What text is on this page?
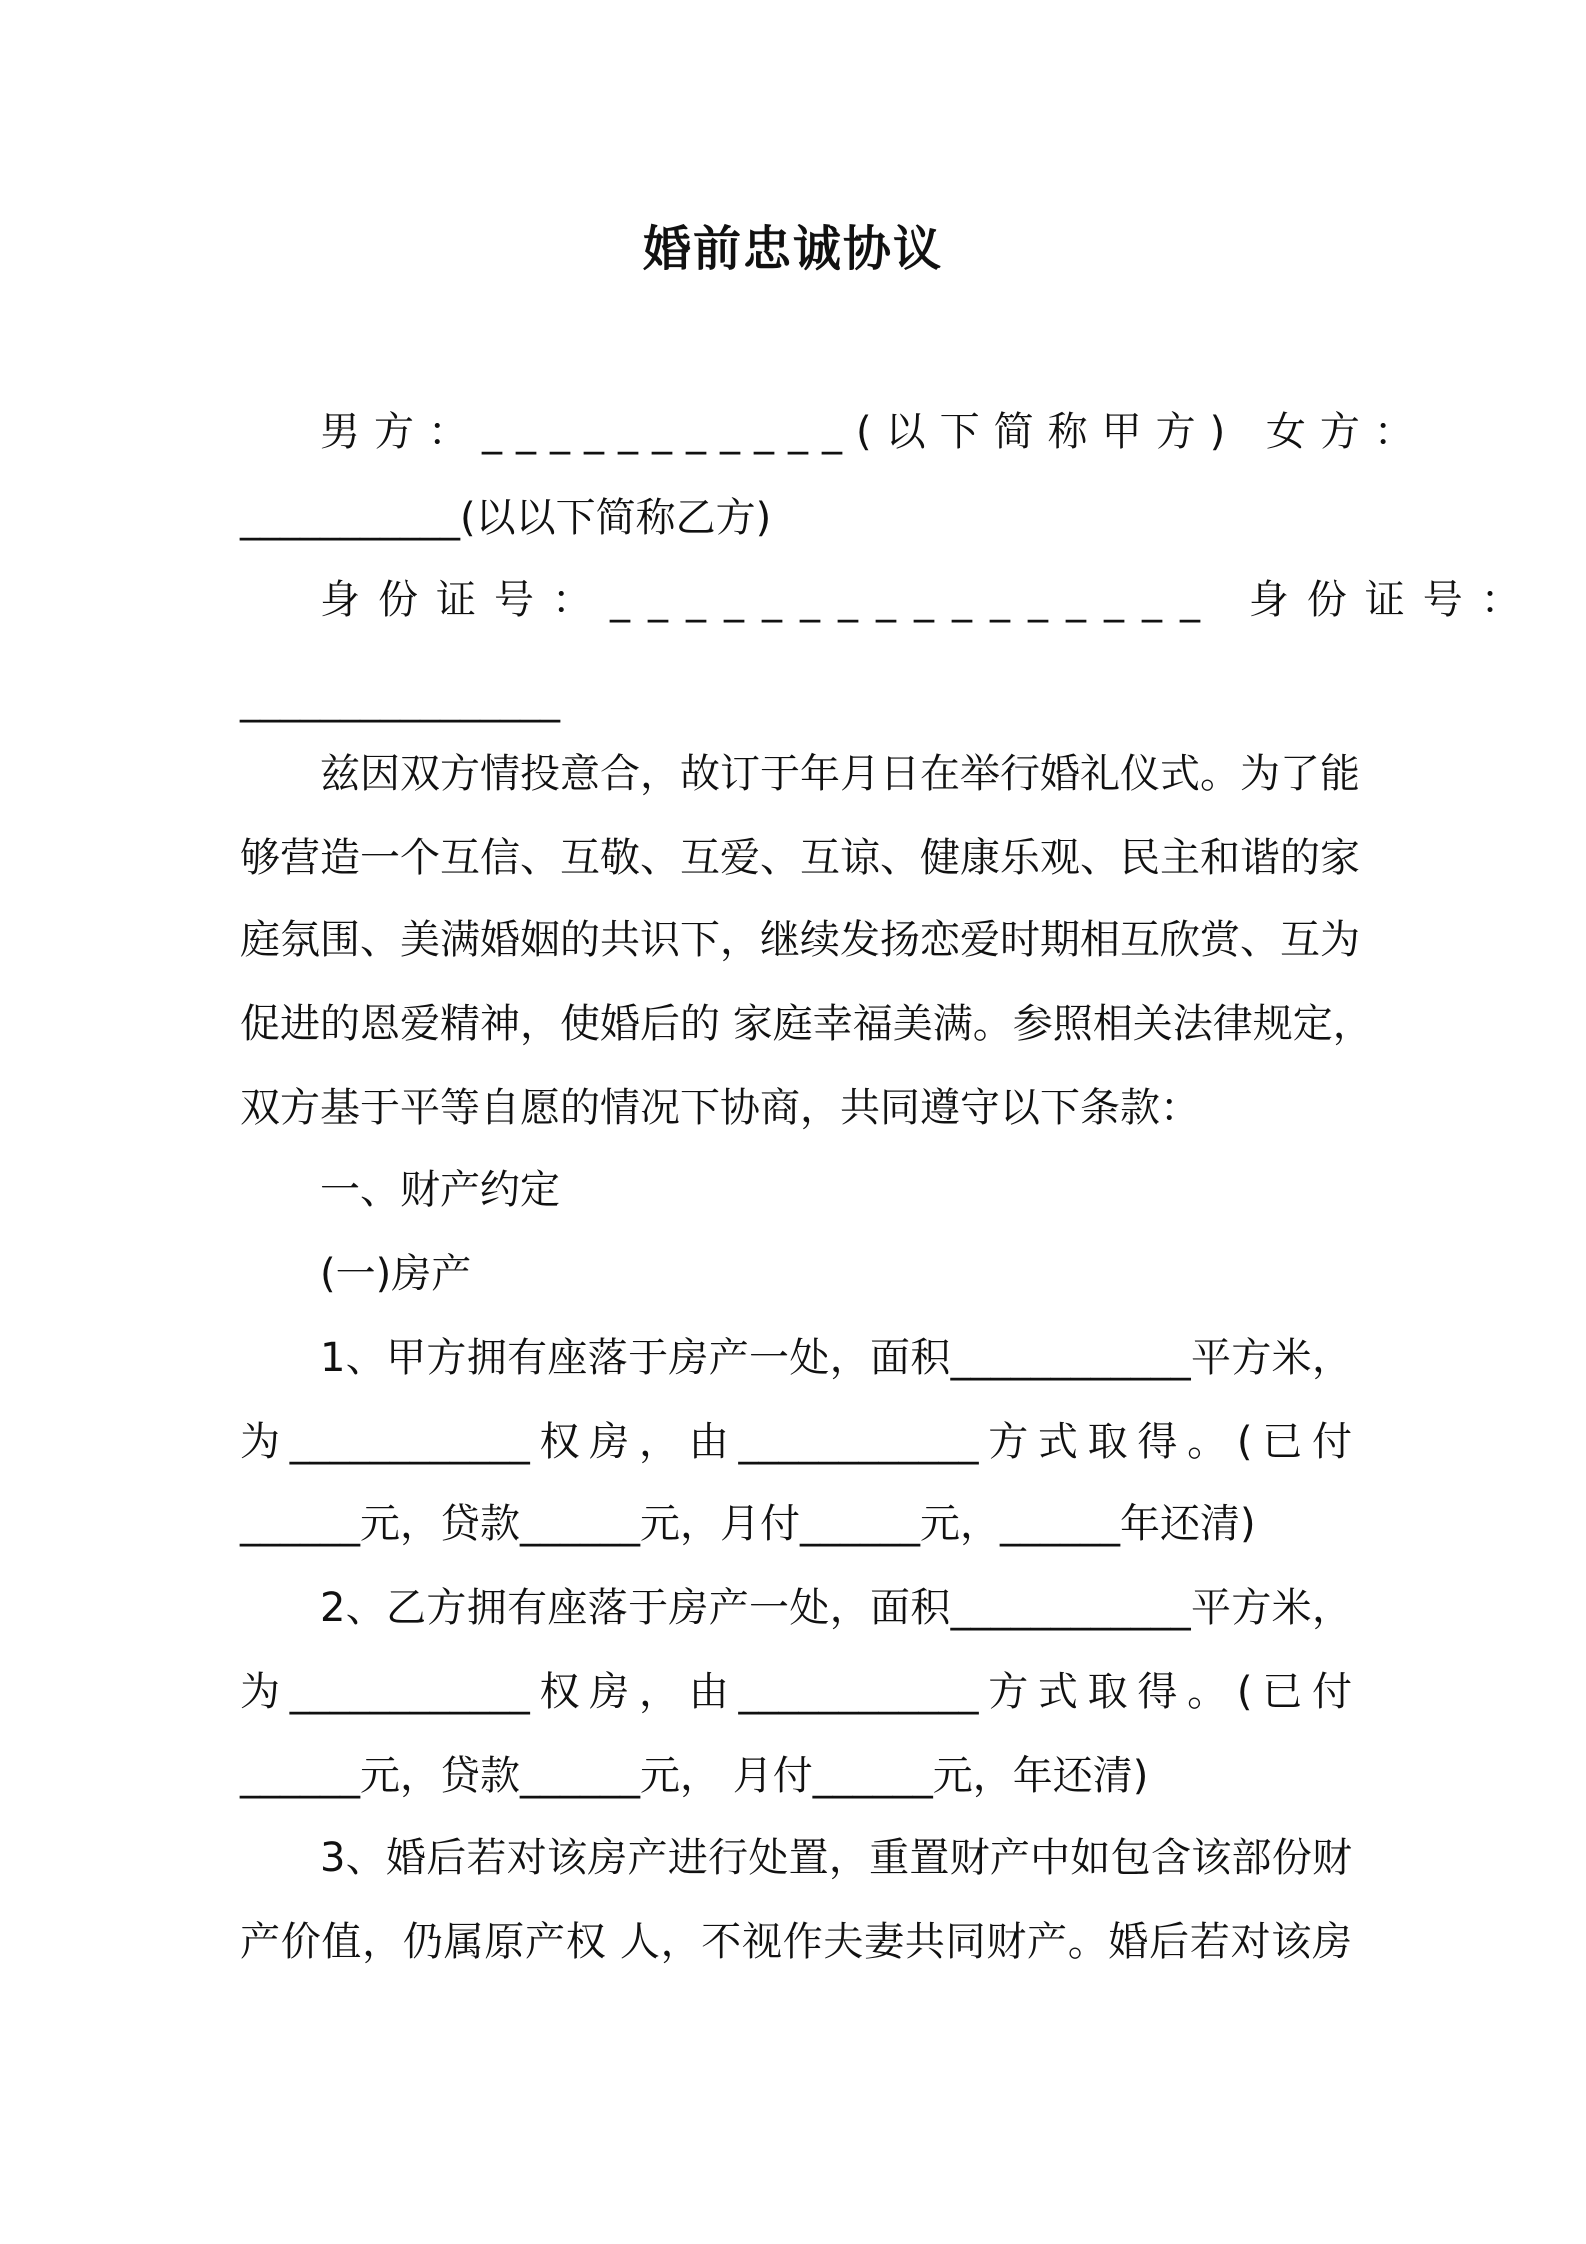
婚前忠诚协议
男方：___________(以下简称甲方) 女方：
___________(以以下简称乙方)
身份证号：________________ 身份证号：
________________
兹因双方情投意合，故订于年月日在举行婚礼仪式。为了能
够营造一个互信、互敬、互爱、互谅、健康乐观、民主和谐的家
庭氛围、美满婚姻的共识下，继续发扬恋爱时期相互欣赏、互为
促进的恩爱精神，使婚后的 家庭幸福美满。参照相关法律规定，
双方基于平等自愿的情况下协商，共同遵守以下条款：
一、财产约定
(一)房产
1、甲方拥有座落于房产一处，面积____________平方米，
为____________权房，由____________方式取得。(已付
______元，贷款______元，月付______元，______年还清)
2、乙方拥有座落于房产一处，面积____________平方米，
为____________权房，由____________方式取得。(已付
______元，贷款______元， 月付______元，年还清)
3、婚后若对该房产进行处置，重置财产中如包含该部份财
产价值，仍属原产权 人，不视作夫妻共同财产。婚后若对该房
